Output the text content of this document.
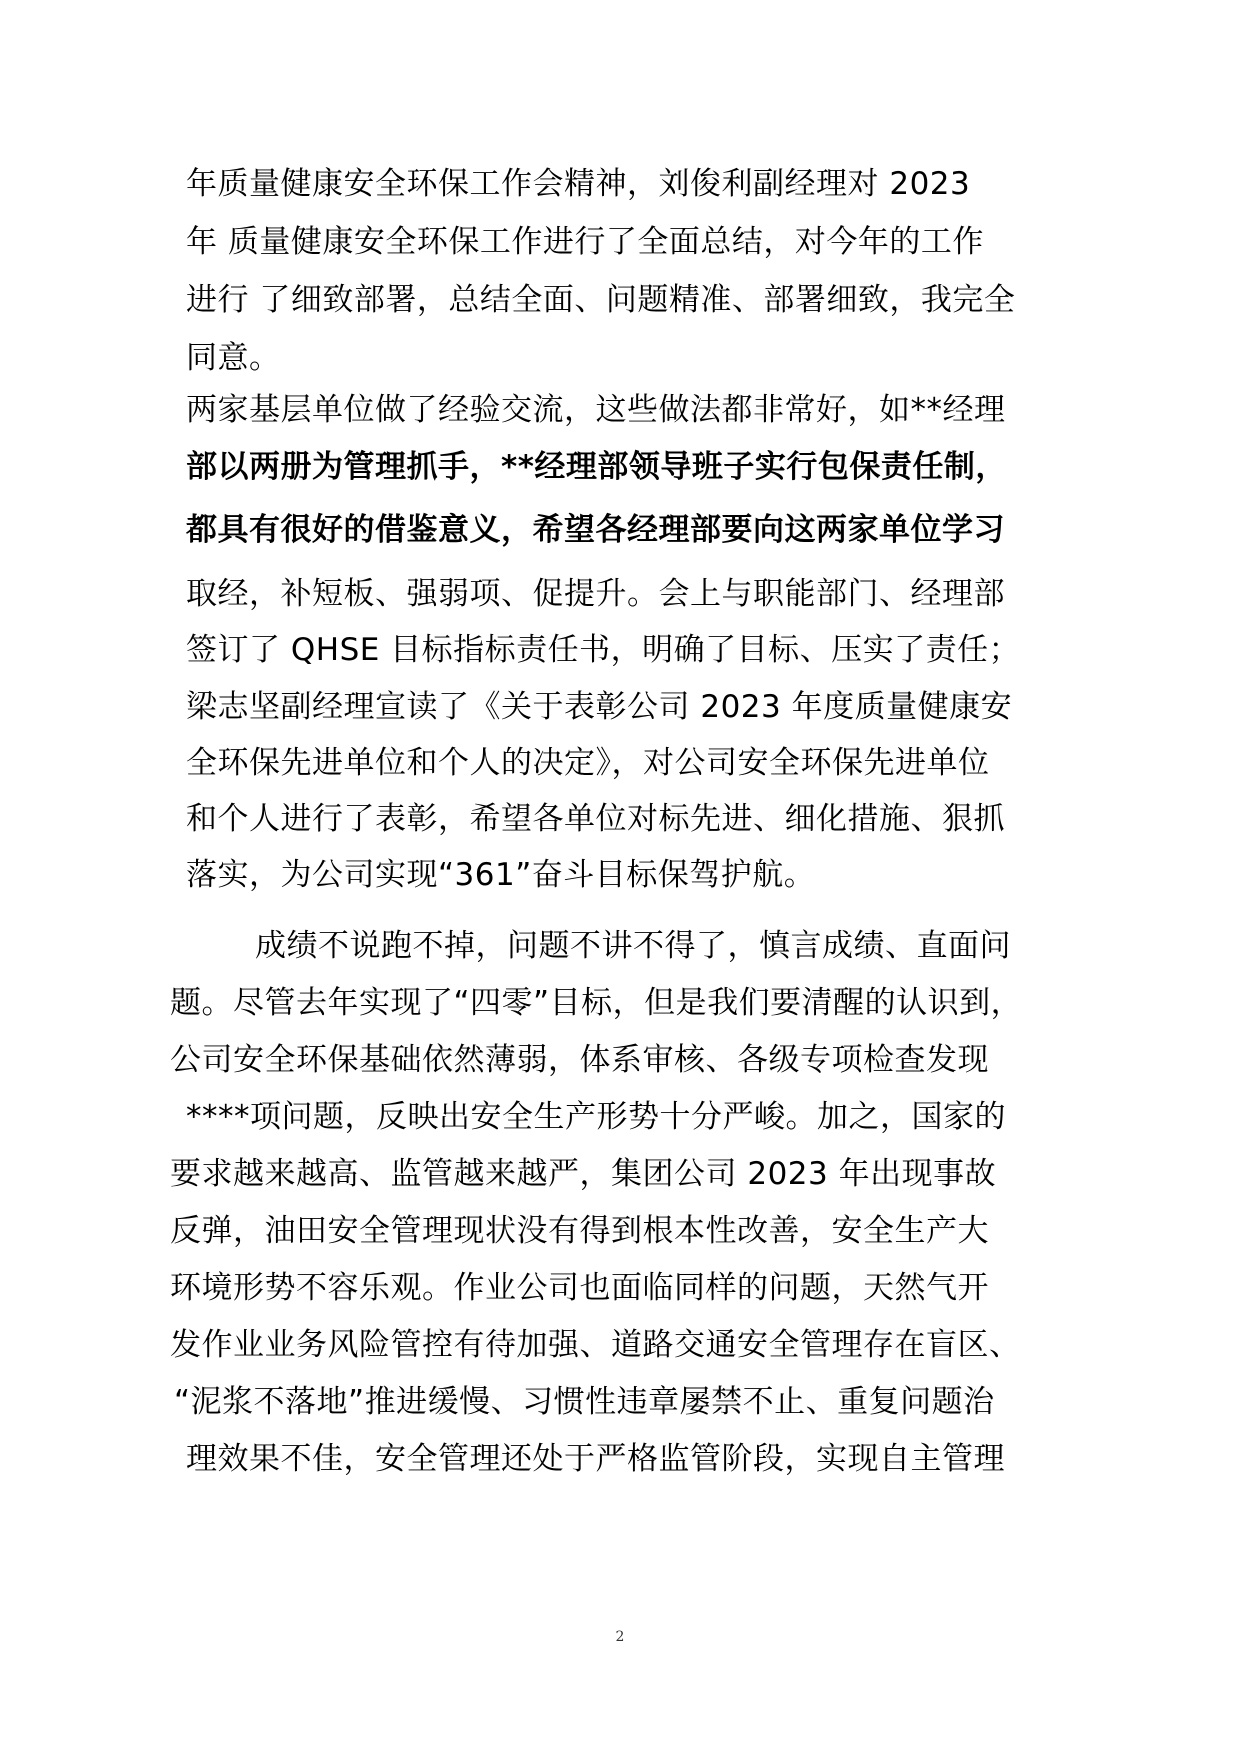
年质量健康安全环保工作会精神，刘俊利副经理对 2023
年 质量健康安全环保工作进行了全面总结，对今年的工作
进行 了细致部署，总结全面、问题精准、部署细致，我完全
同意。
两家基层单位做了经验交流，这些做法都非常好，如**经理
部以两册为管理抓手，**经理部领导班子实行包保责任制，
都具有很好的借鉴意义，希望各经理部要向这两家单位学习
取经，补短板、强弱项、促提升。会上与职能部门、经理部
签订了 QHSE 目标指标责任书，明确了目标、压实了责任；
梁志坚副经理宣读了《关于表彰公司 2023 年度质量健康安
全环保先进单位和个人的决定》，对公司安全环保先进单位
和个人进行了表彰，希望各单位对标先进、细化措施、狠抓
落实，为公司实现“361”奋斗目标保驾护航。
成绩不说跑不掉，问题不讲不得了，慎言成绩、直面问
题。尽管去年实现了“四零”目标，但是我们要清醒的认识到，
公司安全环保基础依然薄弱，体系审核、各级专项检查发现
****项问题，反映出安全生产形势十分严峻。加之，国家的
要求越来越高、监管越来越严，集团公司 2023 年出现事故
反弹，油田安全管理现状没有得到根本性改善，安全生产大
环境形势不容乐观。作业公司也面临同样的问题，天然气开
发作业业务风险管控有待加强、道路交通安全管理存在盲区、
“泥浆不落地”推进缓慢、习惯性违章屡禁不止、重复问题治
理效果不佳，安全管理还处于严格监管阶段，实现自主管理
2
